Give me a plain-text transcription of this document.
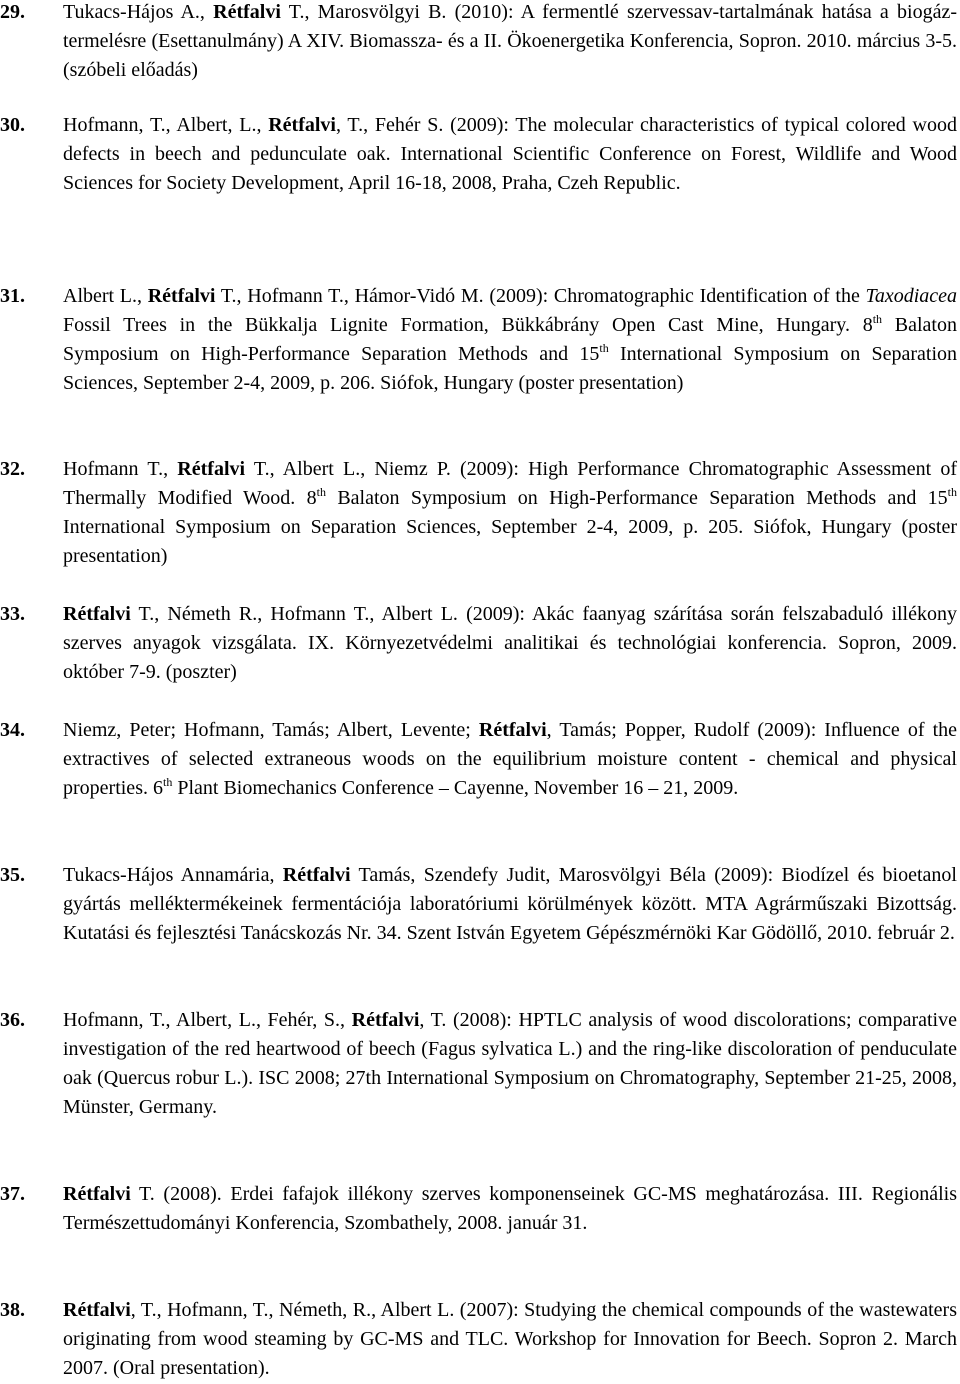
29. Tukacs-Hájos A., Rétfalvi T., Marosvölgyi B. (2010): A fermentlé szervessav-tartalmának hatása a biogáz-termelésre (Esettanulmány) A XIV. Biomassza- és a II. Ökoenergetika Konferencia, Sopron. 2010. március 3-5. (szóbeli előadás)
30. Hofmann, T., Albert, L., Rétfalvi, T., Fehér S. (2009): The molecular characteristics of typical colored wood defects in beech and pedunculate oak. International Scientific Conference on Forest, Wildlife and Wood Sciences for Society Development, April 16-18, 2008, Praha, Czeh Republic.
31. Albert L., Rétfalvi T., Hofmann T., Hámor-Vidó M. (2009): Chromatographic Identification of the Taxodiacea Fossil Trees in the Bükkalja Lignite Formation, Bükkábrány Open Cast Mine, Hungary. 8th Balaton Symposium on High-Performance Separation Methods and 15th International Symposium on Separation Sciences, September 2-4, 2009, p. 206. Siófok, Hungary (poster presentation)
32. Hofmann T., Rétfalvi T., Albert L., Niemz P. (2009): High Performance Chromatographic Assessment of Thermally Modified Wood. 8th Balaton Symposium on High-Performance Separation Methods and 15th International Symposium on Separation Sciences, September 2-4, 2009, p. 205. Siófok, Hungary (poster presentation)
33. Rétfalvi T., Németh R., Hofmann T., Albert L. (2009): Akác faanyag szárítása során felszabaduló illékony szerves anyagok vizsgálata. IX. Környezetvédelmi analitikai és technológiai konferencia. Sopron, 2009. október 7-9. (poszter)
34. Niemz, Peter; Hofmann, Tamás; Albert, Levente; Rétfalvi, Tamás; Popper, Rudolf (2009): Influence of the extractives of selected extraneous woods on the equilibrium moisture content - chemical and physical properties. 6th Plant Biomechanics Conference – Cayenne, November 16 – 21, 2009.
35. Tukacs-Hájos Annamária, Rétfalvi Tamás, Szendefy Judit, Marosvölgyi Béla (2009): Biodízel és bioetanol gyártás melléktermékeinek fermentációja laboratóriumi körülmények között. MTA Agrárműszaki Bizottság. Kutatási és fejlesztési Tanácskozás Nr. 34. Szent István Egyetem Gépészmérnöki Kar Gödöllő, 2010. február 2.
36. Hofmann, T., Albert, L., Fehér, S., Rétfalvi, T. (2008): HPTLC analysis of wood discolorations; comparative investigation of the red heartwood of beech (Fagus sylvatica L.) and the ring-like discoloration of penduculate oak (Quercus robur L.). ISC 2008; 27th International Symposium on Chromatography, September 21-25, 2008, Münster, Germany.
37. Rétfalvi T. (2008). Erdei fafajok illékony szerves komponenseinek GC-MS meghatározása. III. Regionális Természettudományi Konferencia, Szombathely, 2008. január 31.
38. Rétfalvi, T., Hofmann, T., Németh, R., Albert L. (2007): Studying the chemical compounds of the wastewaters originating from wood steaming by GC-MS and TLC. Workshop for Innovation for Beech. Sopron 2. March 2007. (Oral presentation).
